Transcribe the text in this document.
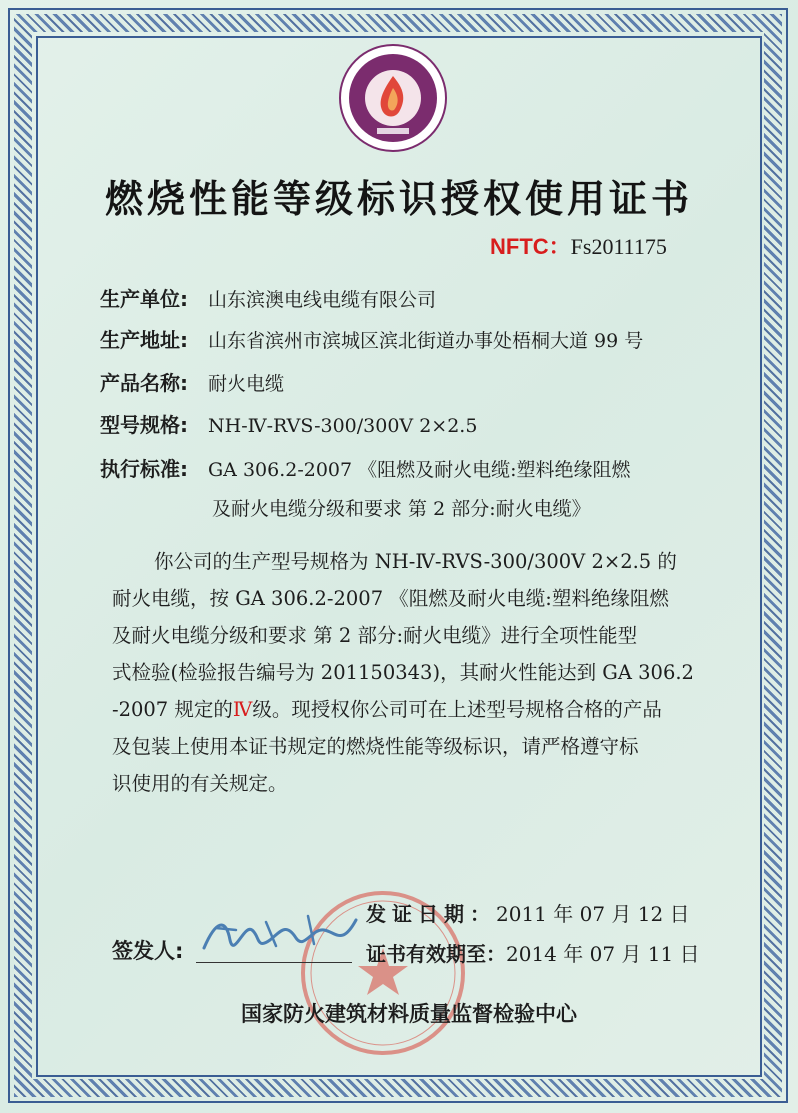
燃烧性能等级标识授权使用证书
NFTC：Fs2011175
生产单位: 山东滨澳电线电缆有限公司
生产地址: 山东省滨州市滨城区滨北街道办事处梧桐大道 99 号
产品名称: 耐火电缆
型号规格: NH-Ⅳ-RVS-300/300V 2×2.5
执行标准: GA 306.2-2007 《阻燃及耐火电缆:塑料绝缘阻燃
及耐火电缆分级和要求 第 2 部分:耐火电缆》
你公司的生产型号规格为 NH-Ⅳ-RVS-300/300V 2×2.5 的
耐火电缆，按 GA 306.2-2007 《阻燃及耐火电缆:塑料绝缘阻燃
及耐火电缆分级和要求 第 2 部分:耐火电缆》进行全项性能型
式检验(检验报告编号为 201150343)，其耐火性能达到 GA 306.2
-2007 规定的Ⅳ级。现授权你公司可在上述型号规格合格的产品
及包装上使用本证书规定的燃烧性能等级标识，请严格遵守标
识使用的有关规定。
发证日期：2011 年 07 月 12 日
签发人:	证书有效期至：2014 年 07 月 11 日
国家防火建筑材料质量监督检验中心
